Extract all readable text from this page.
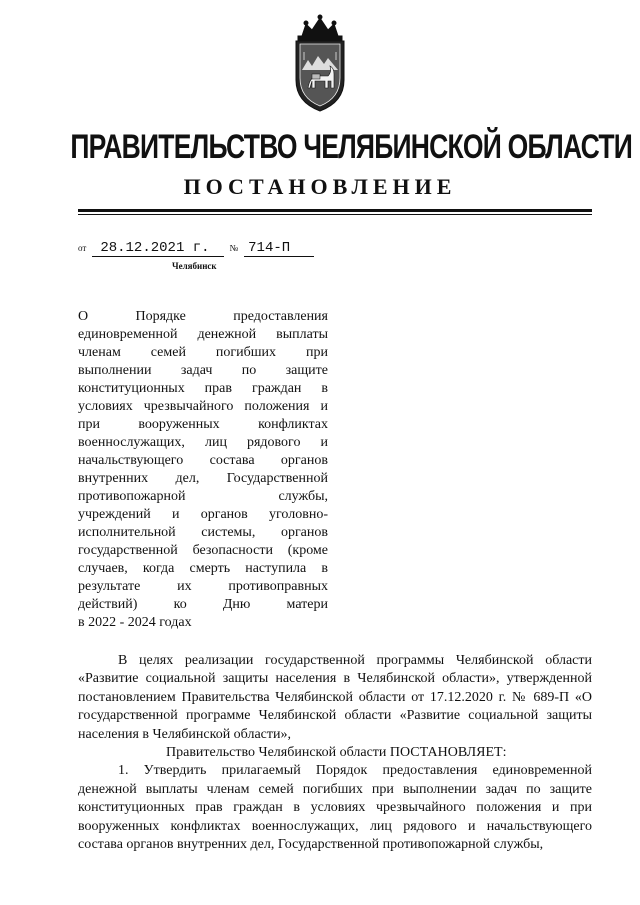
ПРАВИТЕЛЬСТВО ЧЕЛЯБИНСКОЙ ОБЛАСТИ
ПОСТАНОВЛЕНИЕ
от 28.12.2021 г. № 714-П
Челябинск
О Порядке предоставления
единовременной денежной выплаты
членам семей погибших при
выполнении задач по защите
конституционных прав граждан в
условиях чрезвычайного положения и
при вооруженных конфликтах
военнослужащих, лиц рядового и
начальствующего состава органов
внутренних дел, Государственной
противопожарной службы,
учреждений и органов уголовно-
исполнительной системы, органов
государственной безопасности (кроме
случаев, когда смерть наступила в
результате их противоправных
действий) ко Дню матери
в 2022 - 2024 годах
В целях реализации государственной программы Челябинской области «Развитие социальной защиты населения в Челябинской области», утвержденной постановлением Правительства Челябинской области от 17.12.2020 г. № 689-П «О государственной программе Челябинской области «Развитие социальной защиты населения в Челябинской области»,
Правительство Челябинской области ПОСТАНОВЛЯЕТ:
1. Утвердить прилагаемый Порядок предоставления единовременной денежной выплаты членам семей погибших при выполнении задач по защите конституционных прав граждан в условиях чрезвычайного положения и при вооруженных конфликтах военнослужащих, лиц рядового и начальствующего состава органов внутренних дел, Государственной противопожарной службы,
